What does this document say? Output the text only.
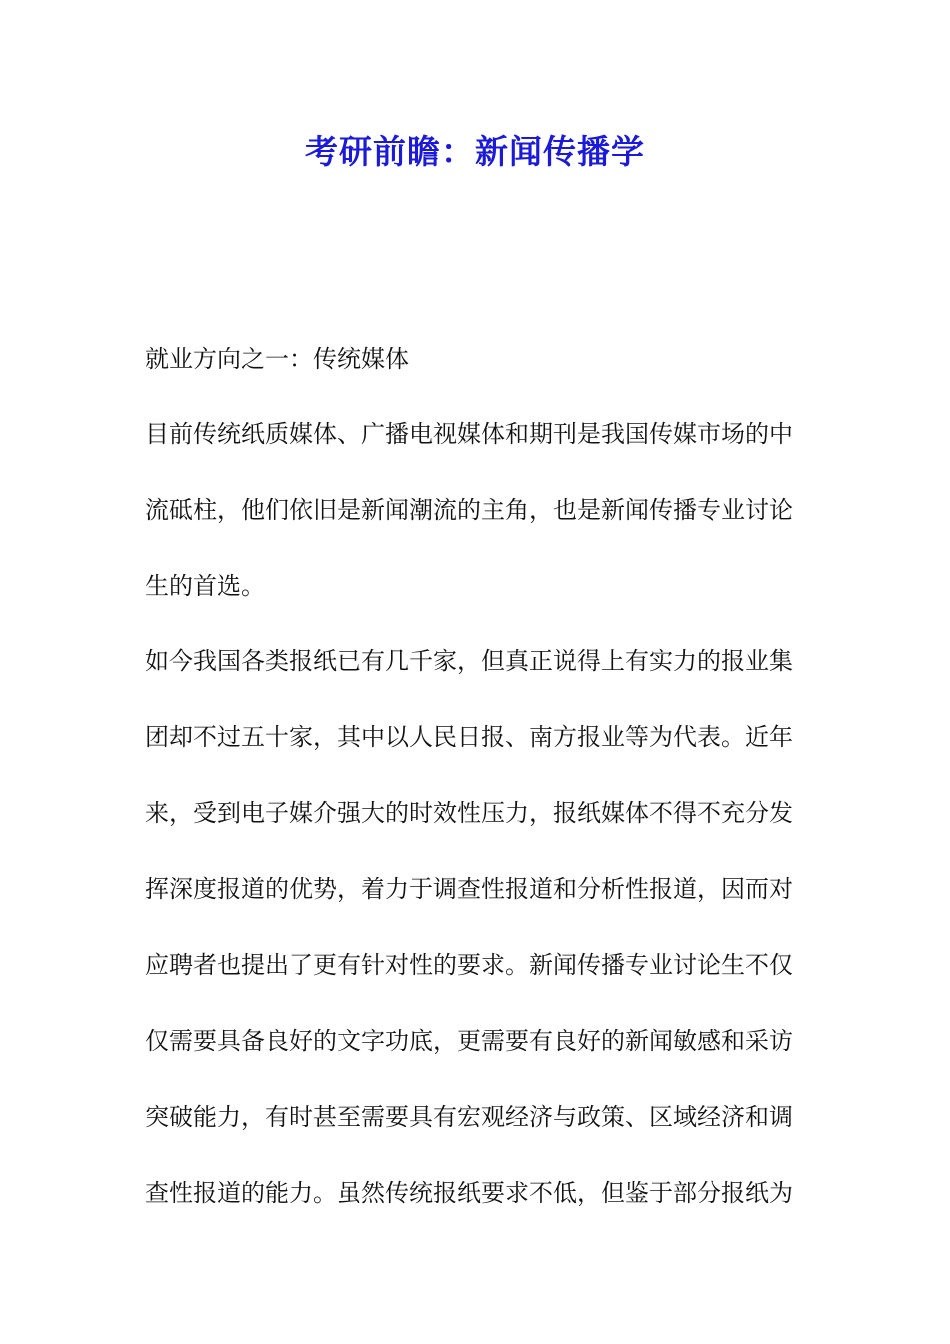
考研前瞻：新闻传播学
就业方向之一：传统媒体
目前传统纸质媒体、广播电视媒体和期刊是我国传媒市场的中
流砥柱，他们依旧是新闻潮流的主角，也是新闻传播专业讨论
生的首选。
如今我国各类报纸已有几千家，但真正说得上有实力的报业集
团却不过五十家，其中以人民日报、南方报业等为代表。近年
来，受到电子媒介强大的时效性压力，报纸媒体不得不充分发
挥深度报道的优势，着力于调查性报道和分析性报道，因而对
应聘者也提出了更有针对性的要求。新闻传播专业讨论生不仅
仅需要具备良好的文字功底，更需要有良好的新闻敏感和采访
突破能力，有时甚至需要具有宏观经济与政策、区域经济和调
查性报道的能力。虽然传统报纸要求不低，但鉴于部分报纸为
